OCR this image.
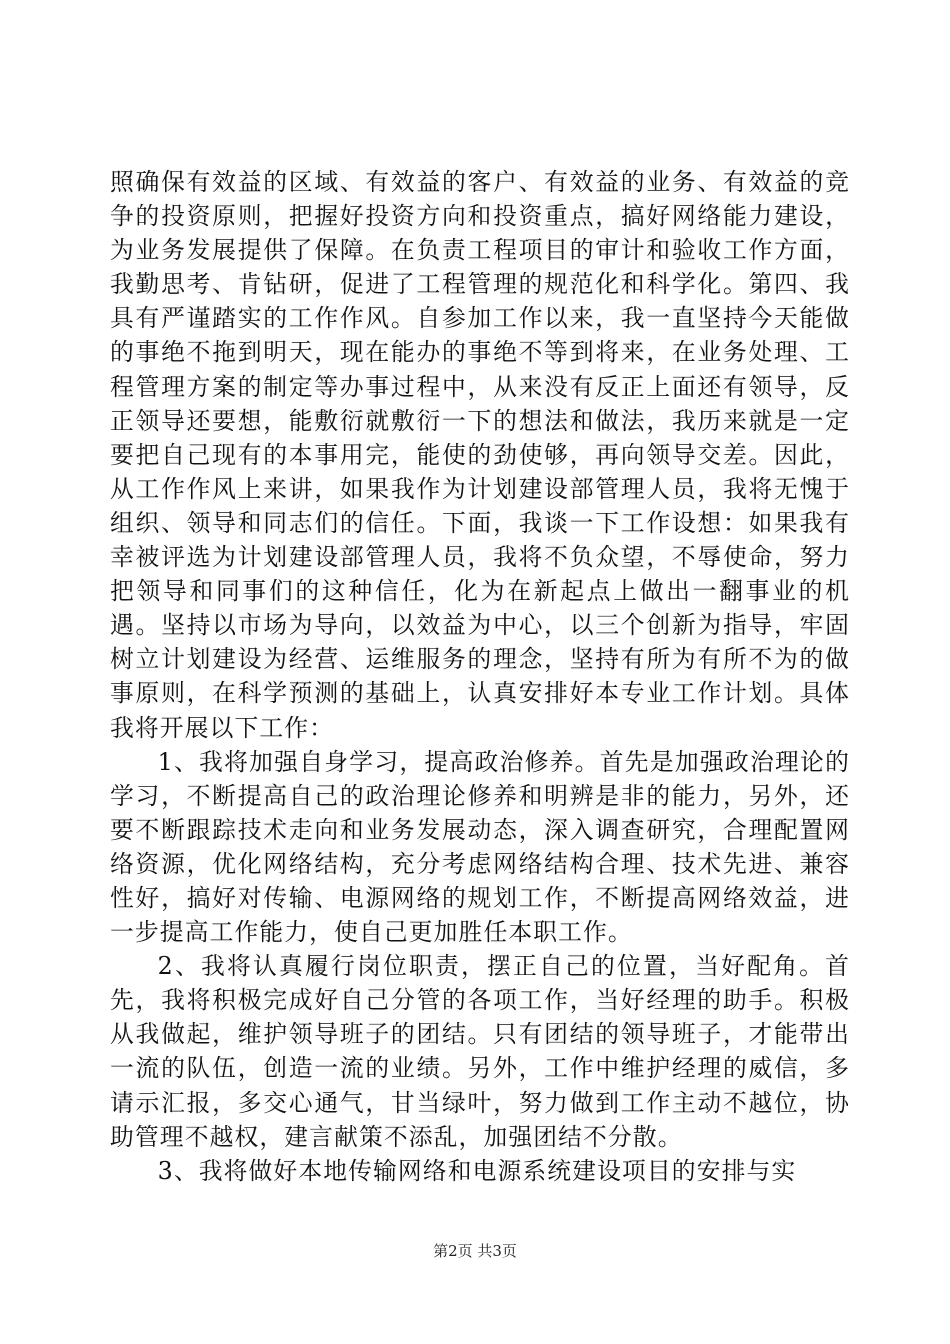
照确保有效益的区域、有效益的客户、有效益的业务、有效益的竞争的投资原则，把握好投资方向和投资重点，搞好网络能力建设，为业务发展提供了保障。在负责工程项目的审计和验收工作方面，我勤思考、肯钻研，促进了工程管理的规范化和科学化。第四、我具有严谨踏实的工作作风。自参加工作以来，我一直坚持今天能做的事绝不拖到明天，现在能办的事绝不等到将来，在业务处理、工程管理方案的制定等办事过程中，从来没有反正上面还有领导，反正领导还要想，能敷衍就敷衍一下的想法和做法，我历来就是一定要把自己现有的本事用完，能使的劲使够，再向领导交差。因此，从工作作风上来讲，如果我作为计划建设部管理人员，我将无愧于组织、领导和同志们的信任。下面，我谈一下工作设想：如果我有幸被评选为计划建设部管理人员，我将不负众望，不辱使命，努力把领导和同事们的这种信任，化为在新起点上做出一翻事业的机遇。坚持以市场为导向，以效益为中心，以三个创新为指导，牢固树立计划建设为经营、运维服务的理念，坚持有所为有所不为的做事原则，在科学预测的基础上，认真安排好本专业工作计划。具体我将开展以下工作：

1、我将加强自身学习，提高政治修养。首先是加强政治理论的学习，不断提高自己的政治理论修养和明辨是非的能力，另外，还要不断跟踪技术走向和业务发展动态，深入调查研究，合理配置网络资源，优化网络结构，充分考虑网络结构合理、技术先进、兼容性好，搞好对传输、电源网络的规划工作，不断提高网络效益，进一步提高工作能力，使自己更加胜任本职工作。

2、我将认真履行岗位职责，摆正自己的位置，当好配角。首先，我将积极完成好自己分管的各项工作，当好经理的助手。积极从我做起，维护领导班子的团结。只有团结的领导班子，才能带出一流的队伍，创造一流的业绩。另外，工作中维护经理的威信，多请示汇报，多交心通气，甘当绿叶，努力做到工作主动不越位，协助管理不越权，建言献策不添乱，加强团结不分散。

3、我将做好本地传输网络和电源系统建设项目的安排与实

第2页 共3页
